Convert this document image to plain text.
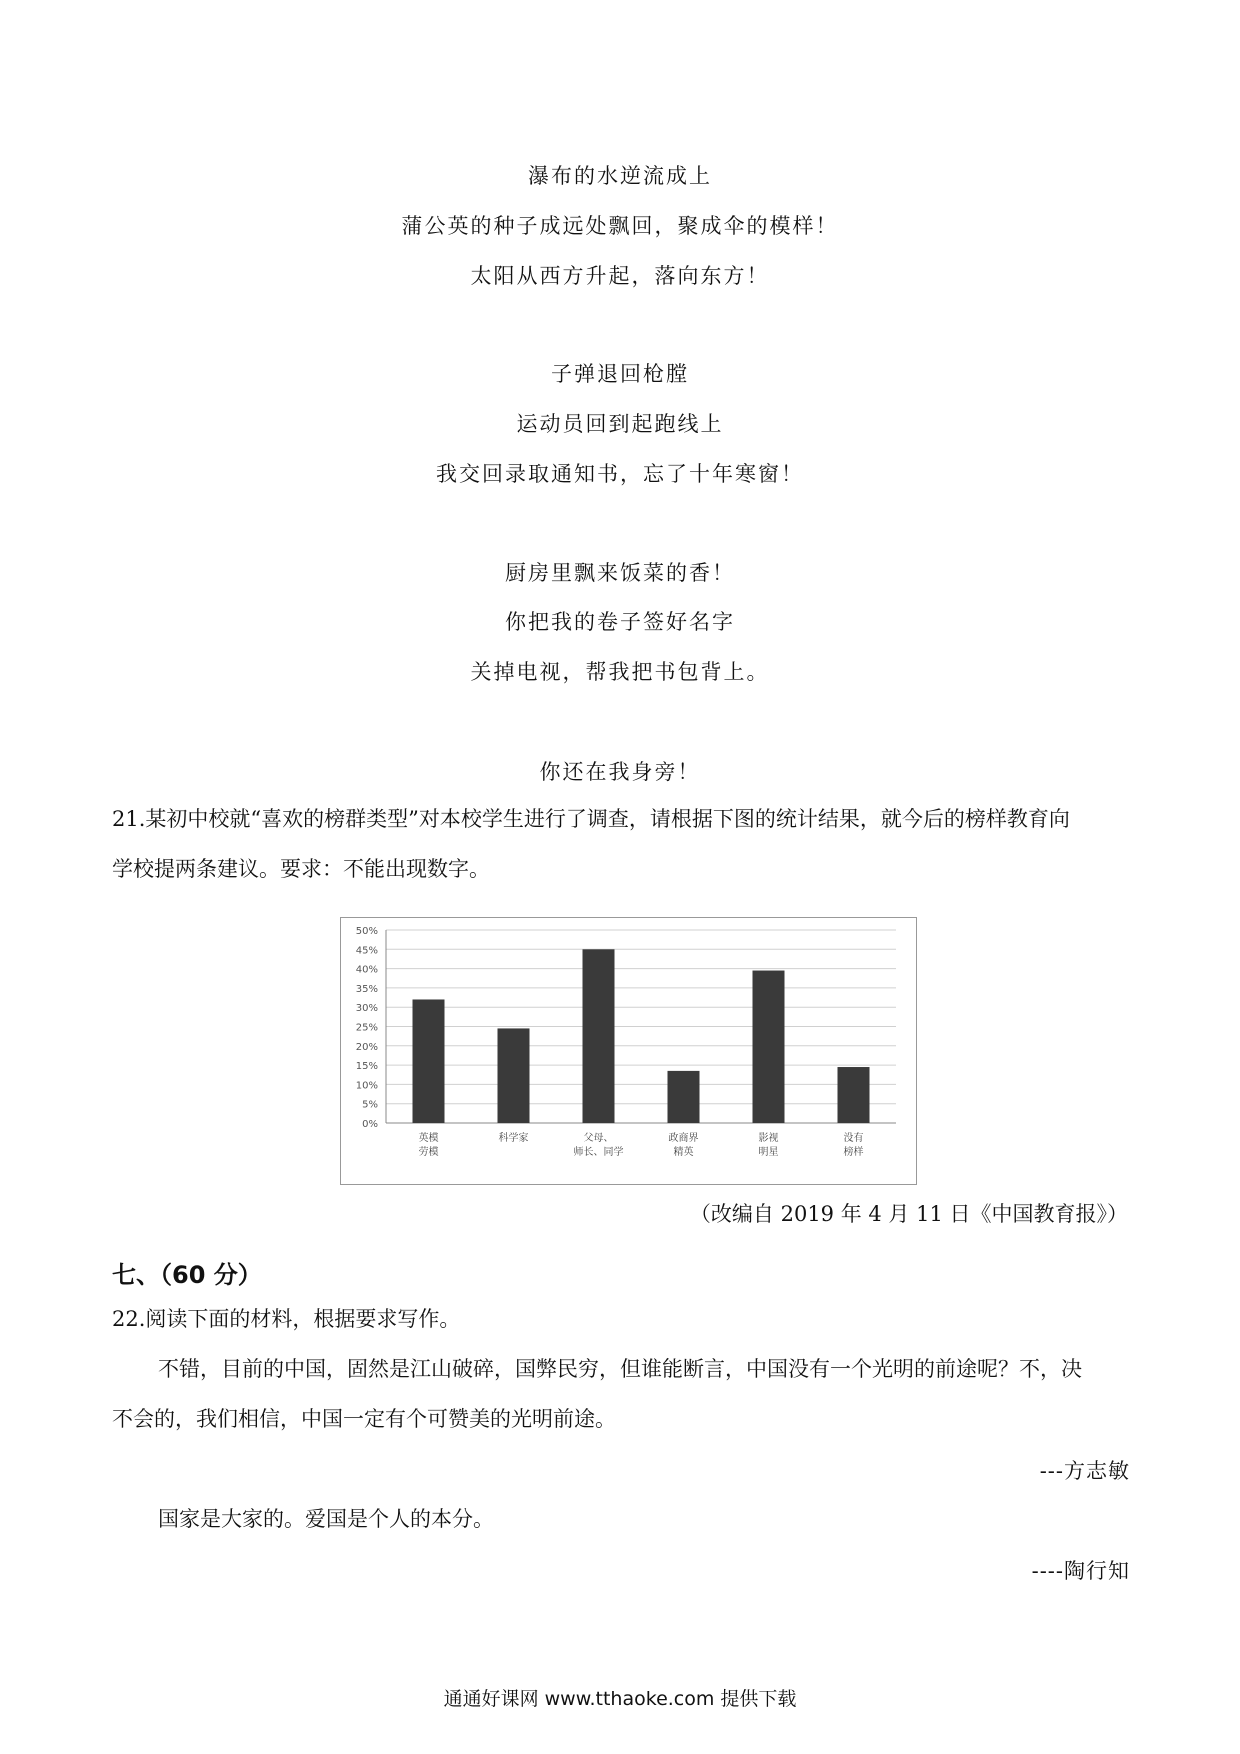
瀑布的水逆流成上
蒲公英的种子成远处飘回，聚成伞的模样！
太阳从西方升起，落向东方！
子弹退回枪膛
运动员回到起跑线上
我交回录取通知书，忘了十年寒窗！
厨房里飘来饭菜的香！
你把我的卷子签好名字
关掉电视，帮我把书包背上。
你还在我身旁！
21.某初中校就“喜欢的榜群类型”对本校学生进行了调查，请根据下图的统计结果，就今后的榜样教育向
学校提两条建议。要求：不能出现数字。
0%
5%
10%
15%
20%
25%
30%
35%
40%
45%
50%
英模
劳模
科学家	父母、
师长、同学
政商界
精英
影视
明星
没有
榜样
（改编自 2019 年 4 月 11 日《中国教育报》）
七、（60 分）
22.阅读下面的材料，根据要求写作。
不错，目前的中国，固然是江山破碎，国弊民穷，但谁能断言，中国没有一个光明的前途呢？不，决
不会的，我们相信，中国一定有个可赞美的光明前途。
---方志敏
国家是大家的。爱国是个人的本分。
----陶行知
通通好课网 www.tthaoke.com 提供下载
